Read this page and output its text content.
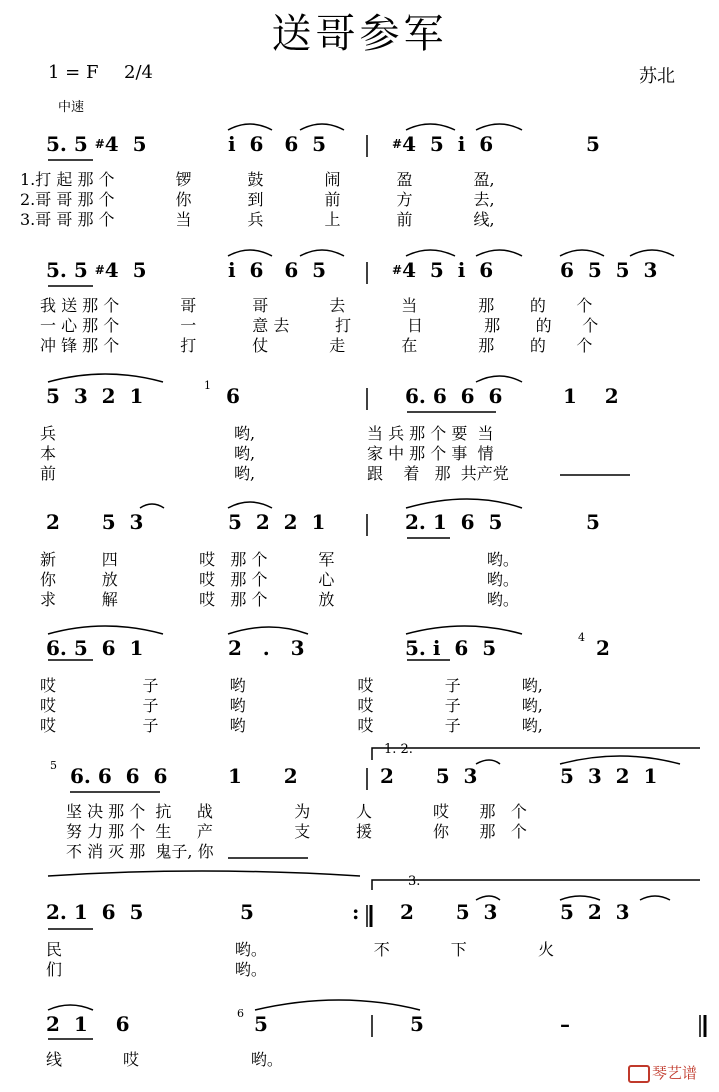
送哥参军
1 = F 2/4	苏北
中速
5. 5 #4  5	i  6   6  5	#4  5  i  6	5
1.打 起 那 个            锣           鼓            闹           盈            盈,
2.哥 哥 那 个            你           到            前           方            去,
3.哥 哥 那 个            当           兵            上           前            线,
5. 5 #4  5	i  6   6  5	#4  5  i  6	6  5  5  3
我 送 那 个            哥           哥            去           当            那       的      个
一 心 那 个            一           意 去         打           日            那       的      个
冲 锋 那 个            打           仗            走           在            那       的      个
5  3  2  1	1 6	6. 6  6  6	1    2
兵                                   哟,                      当 兵 那 个 要  当
本                                   哟,                      家 中 那 个 事  情
前                                   哟,                      跟    着   那  共产党
2      5  3	5  2  2  1	2. 1  6  5	5
新         四                哎   那 个          军                              哟。
你         放                哎   那 个          心                              哟。
求         解                哎   那 个          放                              哟。
6. 5  6  1	2   .   3	5. i  6  5	4 2
哎                 子              哟                      哎              子            哟,
哎                 子              哟                      哎              子            哟,
哎                 子              哟                      哎              子            哟,
5 6. 6  6  6	1      2
1. 2.
2      5  3	5  3  2  1
坚 决 那 个  抗     战                为         人            哎      那   个
努 力 那 个  生     产                支         援            你      那   个
不 消 灭 那  鬼子, 你
2. 1  6  5	5	:
3.
2      5  3	5  2  3
民                                  哟。                     不            下              火
们                                  哟。
2  1    6	6 5	5	–
线            哎                      哟。
琴艺谱
